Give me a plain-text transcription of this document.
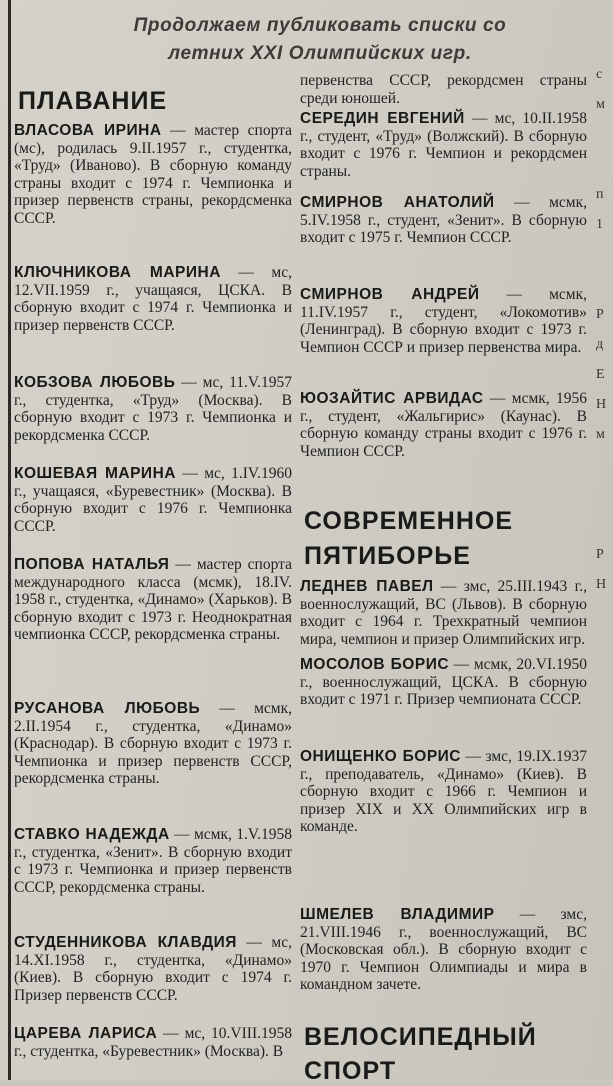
Продолжаем публиковать списки со
летних XXI Олимпийских игр.
ПЛАВАНИЕ
ВЛАСОВА ИРИНА — мастер спорта (мс), родилась 9.II.1957 г., студентка, «Труд» (Иваново). В сборную команду страны входит с 1974 г. Чемпионка и призер первенств страны, рекордсменка СССР.
КЛЮЧНИКОВА МАРИНА — мс, 12.VII.1959 г., учащаяся, ЦСКА. В сборную входит с 1974 г. Чемпионка и призер первенств СССР.
КОБЗОВА ЛЮБОВЬ — мс, 11.V.1957 г., студентка, «Труд» (Москва). В сборную входит с 1973 г. Чемпионка и рекордсменка СССР.
КОШЕВАЯ МАРИНА — мс, 1.IV.1960 г., учащаяся, «Буревестник» (Москва). В сборную входит с 1976 г. Чемпионка СССР.
ПОПОВА НАТАЛЬЯ — мастер спорта международного класса (мсмк), 18.IV. 1958 г., студентка, «Динамо» (Харьков). В сборную входит с 1973 г. Неоднократная чемпионка СССР, рекордсменка страны.
РУСАНОВА ЛЮБОВЬ — мсмк, 2.II.1954 г., студентка, «Динамо» (Краснодар). В сборную входит с 1973 г. Чемпионка и призер первенств СССР, рекордсменка страны.
СТАВКО НАДЕЖДА — мсмк, 1.V.1958 г., студентка, «Зенит». В сборную входит с 1973 г. Чемпионка и призер первенств СССР, рекордсменка страны.
СТУДЕННИКОВА КЛАВДИЯ — мс, 14.XI.1958 г., студентка, «Динамо» (Киев). В сборную входит с 1974 г. Призер первенств СССР.
ЦАРЕВА ЛАРИСА — мс, 10.VIII.1958 г., студентка, «Буревестник» (Москва). В
первенства СССР, рекордсмен страны среди юношей.
СЕРЕДИН ЕВГЕНИЙ — мс, 10.II.1958 г., студент, «Труд» (Волжский). В сборную входит с 1976 г. Чемпион и рекордсмен страны.
СМИРНОВ АНАТОЛИЙ — мсмк, 5.IV.1958 г., студент, «Зенит». В сборную входит с 1975 г. Чемпион СССР.
СМИРНОВ АНДРЕЙ — мсмк, 11.IV.1957 г., студент, «Локомотив» (Ленинград). В сборную входит с 1973 г. Чемпион СССР и призер первенства мира.
ЮОЗАЙТИС АРВИДАС — мсмк, 1956 г., студент, «Жальгирис» (Каунас). В сборную команду страны входит с 1976 г. Чемпион СССР.
СОВРЕМЕННОЕ
ПЯТИБОРЬЕ
ЛЕДНЕВ ПАВЕЛ — змс, 25.III.1943 г., военнослужащий, ВС (Львов). В сборную входит с 1964 г. Трехкратный чемпион мира, чемпион и призер Олимпийских игр.
МОСОЛОВ БОРИС — мсмк, 20.VI.1950 г., военнослужащий, ЦСКА. В сборную входит с 1971 г. Призер чемпионата СССР.
ОНИЩЕНКО БОРИС — змс, 19.IX.1937 г., преподаватель, «Динамо» (Киев). В сборную входит с 1966 г. Чемпион и призер XIX и XX Олимпийских игр в команде.
ШМЕЛЕВ ВЛАДИМИР — змс, 21.VIII.1946 г., военнослужащий, ВС (Московская обл.). В сборную входит с 1970 г. Чемпион Олимпиады и мира в командном зачете.
ВЕЛОСИПЕДНЫЙ
СПОРТ
с
м
п
1
Р
д
Е
Н
м
Р
Н
